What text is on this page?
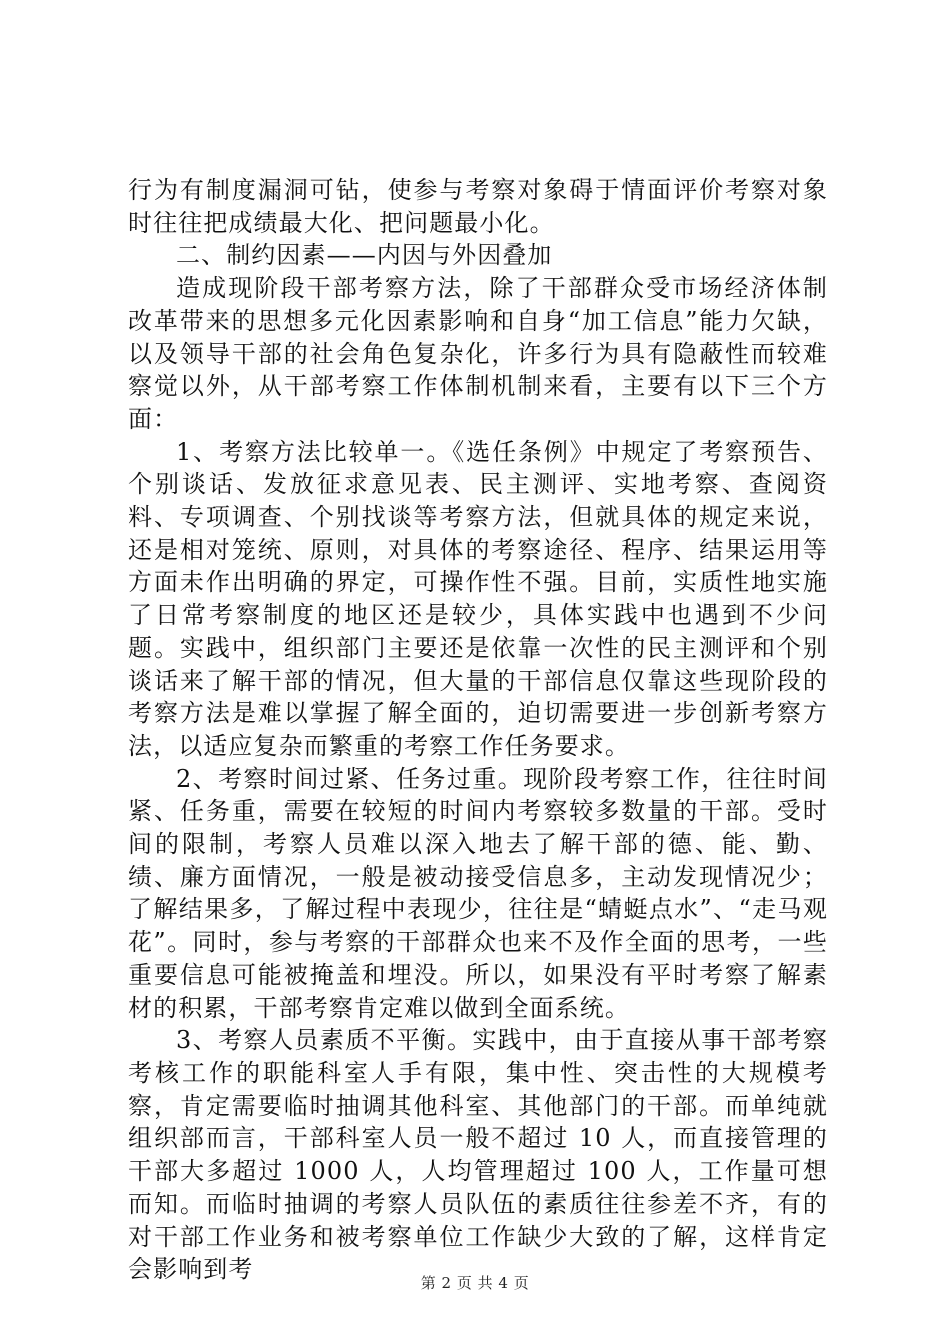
行为有制度漏洞可钻，使参与考察对象碍于情面评价考察对象时往往把成绩最大化、把问题最小化。

二、制约因素——内因与外因叠加

造成现阶段干部考察方法，除了干部群众受市场经济体制改革带来的思想多元化因素影响和自身“加工信息”能力欠缺，以及领导干部的社会角色复杂化，许多行为具有隐蔽性而较难察觉以外，从干部考察工作体制机制来看，主要有以下三个方面：

1、考察方法比较单一。《选任条例》中规定了考察预告、个别谈话、发放征求意见表、民主测评、实地考察、查阅资料、专项调查、个别找谈等考察方法，但就具体的规定来说，还是相对笼统、原则，对具体的考察途径、程序、结果运用等方面未作出明确的界定，可操作性不强。目前，实质性地实施了日常考察制度的地区还是较少，具体实践中也遇到不少问题。实践中，组织部门主要还是依靠一次性的民主测评和个别谈话来了解干部的情况，但大量的干部信息仅靠这些现阶段的考察方法是难以掌握了解全面的，迫切需要进一步创新考察方法，以适应复杂而繁重的考察工作任务要求。

2、考察时间过紧、任务过重。现阶段考察工作，往往时间紧、任务重，需要在较短的时间内考察较多数量的干部。受时间的限制，考察人员难以深入地去了解干部的德、能、勤、绩、廉方面情况，一般是被动接受信息多，主动发现情况少；了解结果多，了解过程中表现少，往往是“蜻蜓点水”、“走马观花”。同时，参与考察的干部群众也来不及作全面的思考，一些重要信息可能被掩盖和埋没。所以，如果没有平时考察了解素材的积累，干部考察肯定难以做到全面系统。

3、考察人员素质不平衡。实践中，由于直接从事干部考察考核工作的职能科室人手有限，集中性、突击性的大规模考察，肯定需要临时抽调其他科室、其他部门的干部。而单纯就组织部而言，干部科室人员一般不超过 10 人，而直接管理的干部大多超过 1000 人，人均管理超过 100 人，工作量可想而知。而临时抽调的考察人员队伍的素质往往参差不齐，有的对干部工作业务和被考察单位工作缺少大致的了解，这样肯定会影响到考	第 2 页 共 4 页
